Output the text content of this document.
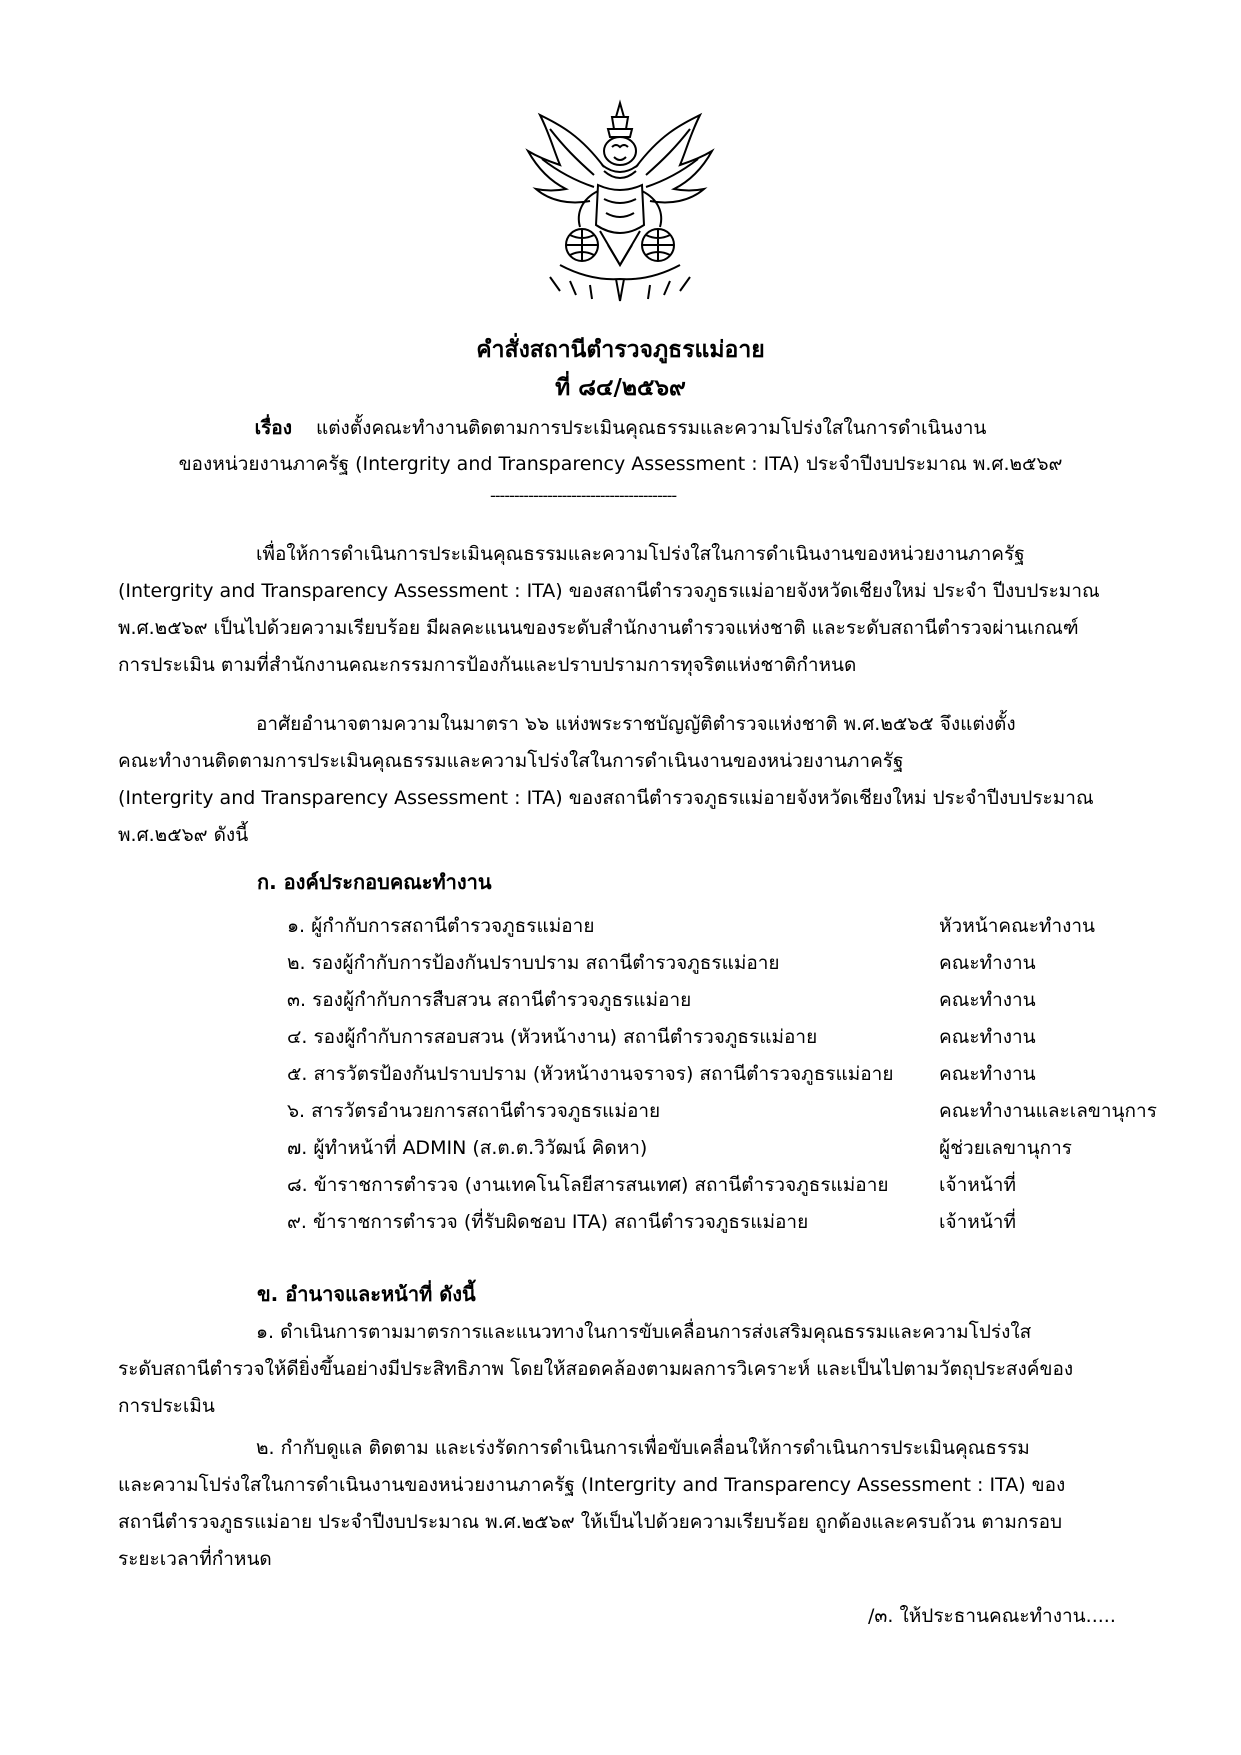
คำสั่งสถานีตำรวจภูธรแม่อาย
ที่ ๘๔/๒๕๖๙
เรื่อง แต่งตั้งคณะทำงานติดตามการประเมินคุณธรรมและความโปร่งใสในการดำเนินงาน
ของหน่วยงานภาครัฐ (Intergrity and Transparency Assessment : ITA) ประจำปีงบประมาณ พ.ศ.๒๕๖๙
---------------------------------------
เพื่อให้การดำเนินการประเมินคุณธรรมและความโปร่งใสในการดำเนินงานของหน่วยงานภาครัฐ
(Intergrity and Transparency Assessment : ITA) ของสถานีตำรวจภูธรแม่อายจังหวัดเชียงใหม่ ประจำ ปีงบประมาณ
พ.ศ.๒๕๖๙ เป็นไปด้วยความเรียบร้อย มีผลคะแนนของระดับสำนักงานตำรวจแห่งชาติ และระดับสถานีตำรวจผ่านเกณฑ์
การประเมิน ตามที่สำนักงานคณะกรรมการป้องกันและปราบปรามการทุจริตแห่งชาติกำหนด
อาศัยอำนาจตามความในมาตรา ๖๖ แห่งพระราชบัญญัติตำรวจแห่งชาติ พ.ศ.๒๕๖๕ จึงแต่งตั้ง
คณะทำงานติดตามการประเมินคุณธรรมและความโปร่งใสในการดำเนินงานของหน่วยงานภาครัฐ
(Intergrity and Transparency Assessment : ITA) ของสถานีตำรวจภูธรแม่อายจังหวัดเชียงใหม่ ประจำปีงบประมาณ
พ.ศ.๒๕๖๙ ดังนี้
ก. องค์ประกอบคณะทำงาน
๑. ผู้กำกับการสถานีตำรวจภูธรแม่อาย	หัวหน้าคณะทำงาน
๒. รองผู้กำกับการป้องกันปราบปราม สถานีตำรวจภูธรแม่อาย	คณะทำงาน
๓. รองผู้กำกับการสืบสวน สถานีตำรวจภูธรแม่อาย	คณะทำงาน
๔. รองผู้กำกับการสอบสวน (หัวหน้างาน) สถานีตำรวจภูธรแม่อาย	คณะทำงาน
๕. สารวัตรป้องกันปราบปราม (หัวหน้างานจราจร) สถานีตำรวจภูธรแม่อาย	คณะทำงาน
๖. สารวัตรอำนวยการสถานีตำรวจภูธรแม่อาย	คณะทำงานและเลขานุการ
๗. ผู้ทำหน้าที่ ADMIN (ส.ต.ต.วิวัฒน์ คิดหา)	ผู้ช่วยเลขานุการ
๘. ข้าราชการตำรวจ (งานเทคโนโลยีสารสนเทศ) สถานีตำรวจภูธรแม่อาย	เจ้าหน้าที่
๙. ข้าราชการตำรวจ (ที่รับผิดชอบ ITA) สถานีตำรวจภูธรแม่อาย	เจ้าหน้าที่
ข. อำนาจและหน้าที่ ดังนี้
๑. ดำเนินการตามมาตรการและแนวทางในการขับเคลื่อนการส่งเสริมคุณธรรมและความโปร่งใส
ระดับสถานีตำรวจให้ดียิ่งขึ้นอย่างมีประสิทธิภาพ โดยให้สอดคล้องตามผลการวิเคราะห์ และเป็นไปตามวัตถุประสงค์ของ
การประเมิน
๒. กำกับดูแล ติดตาม และเร่งรัดการดำเนินการเพื่อขับเคลื่อนให้การดำเนินการประเมินคุณธรรม
และความโปร่งใสในการดำเนินงานของหน่วยงานภาครัฐ (Intergrity and Transparency Assessment : ITA) ของ
สถานีตำรวจภูธรแม่อาย ประจำปีงบประมาณ พ.ศ.๒๕๖๙ ให้เป็นไปด้วยความเรียบร้อย ถูกต้องและครบถ้วน ตามกรอบ
ระยะเวลาที่กำหนด
/๓. ให้ประธานคณะทำงาน.....
